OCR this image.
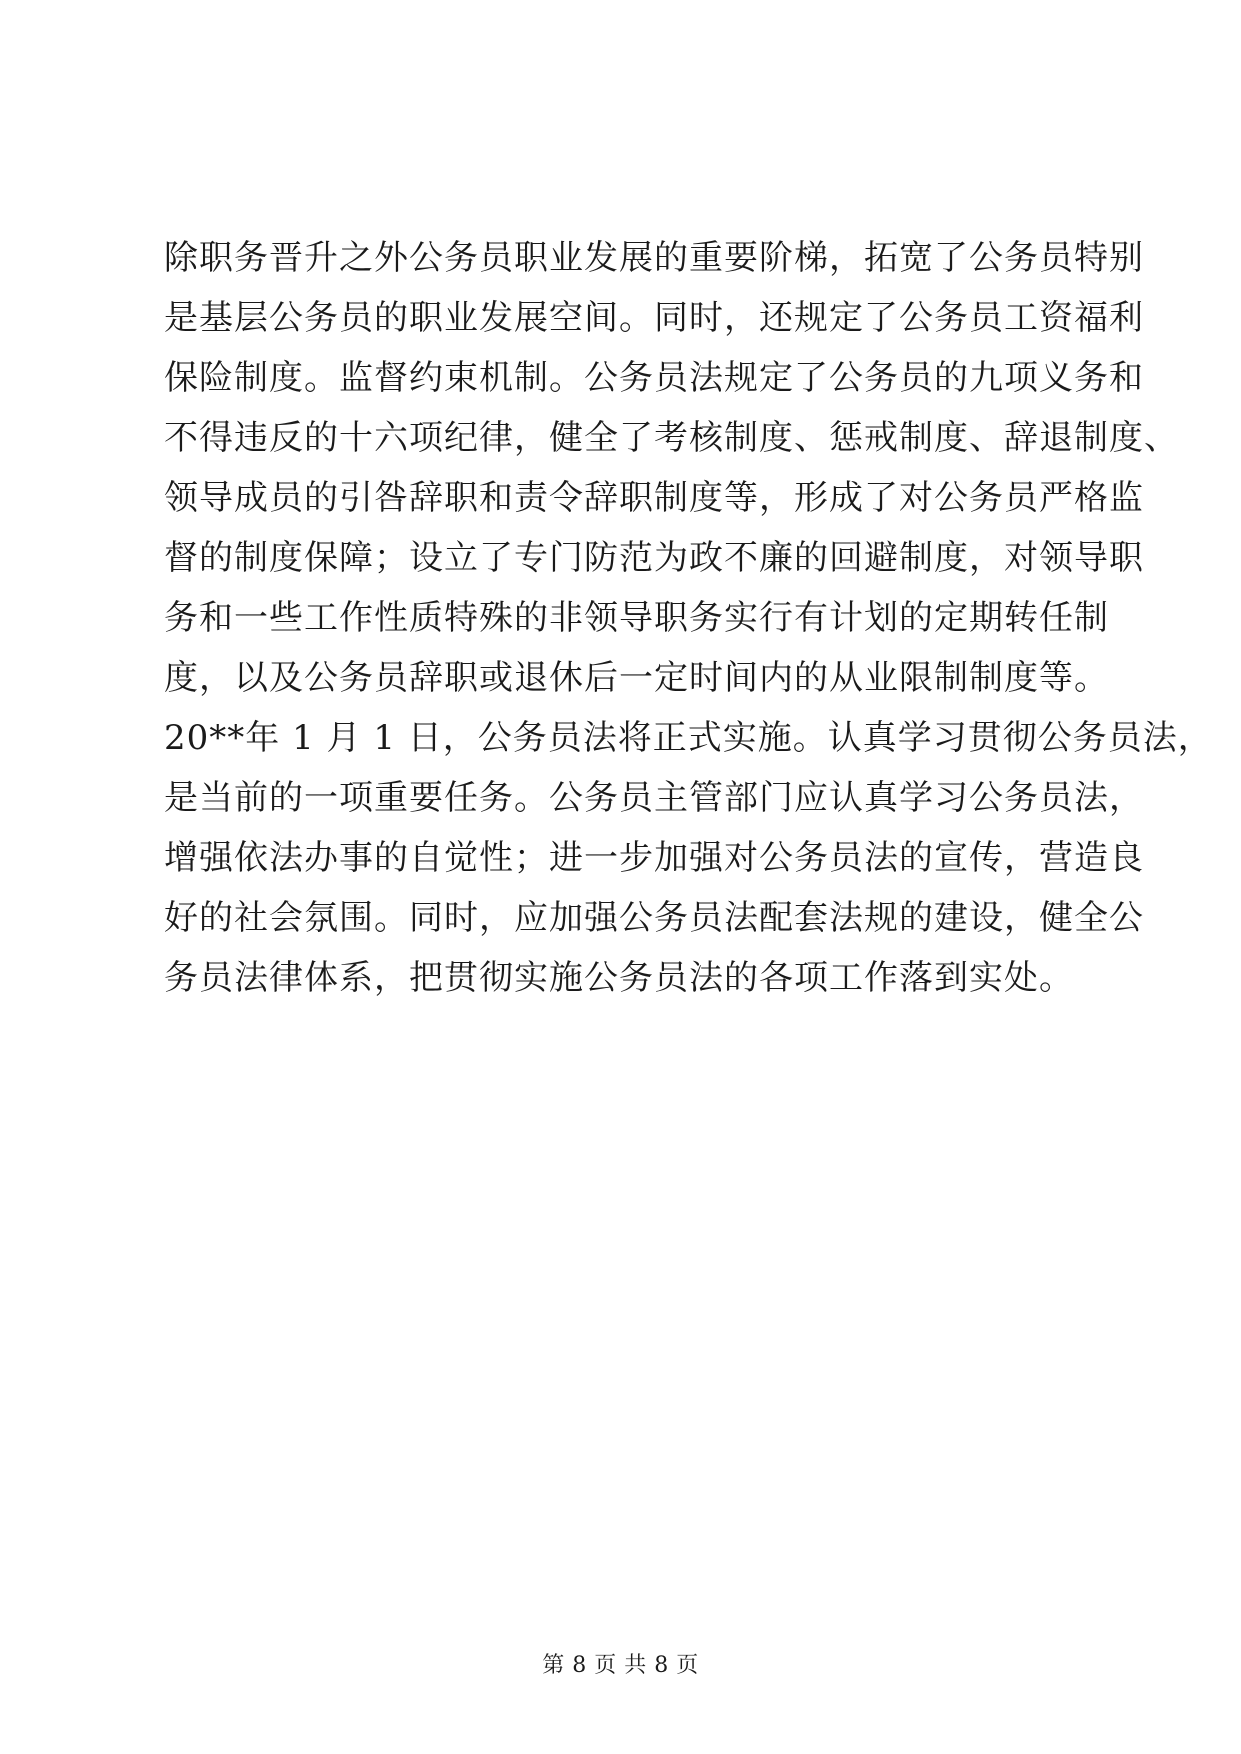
除职务晋升之外公务员职业发展的重要阶梯，拓宽了公务员特别
是基层公务员的职业发展空间。同时，还规定了公务员工资福利
保险制度。监督约束机制。公务员法规定了公务员的九项义务和
不得违反的十六项纪律，健全了考核制度、惩戒制度、辞退制度、
领导成员的引咎辞职和责令辞职制度等，形成了对公务员严格监
督的制度保障；设立了专门防范为政不廉的回避制度，对领导职
务和一些工作性质特殊的非领导职务实行有计划的定期转任制
度，以及公务员辞职或退休后一定时间内的从业限制制度等。
20**年 1 月 1 日，公务员法将正式实施。认真学习贯彻公务员法，
是当前的一项重要任务。公务员主管部门应认真学习公务员法，
增强依法办事的自觉性；进一步加强对公务员法的宣传，营造良
好的社会氛围。同时，应加强公务员法配套法规的建设，健全公
务员法律体系，把贯彻实施公务员法的各项工作落到实处。
第 8 页 共 8 页
